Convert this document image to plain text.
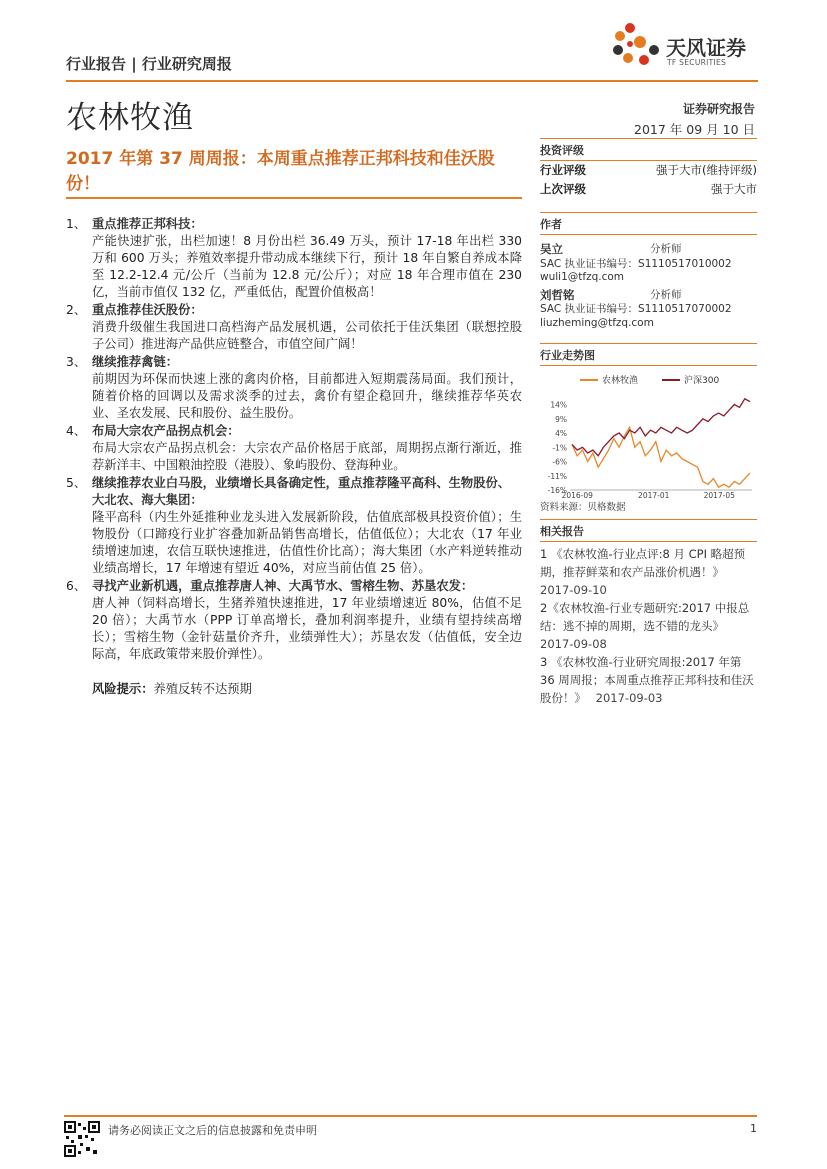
行业报告 | 行业研究周报
农林牧渔	证券研究报告
2017 年 09 月 10 日
天风证券
TF SECURITIES
2017 年第 37 周周报：本周重点推荐正邦科技和佳沃股份！
1、 重点推荐正邦科技：
产能快速扩张，出栏加速！8 月份出栏 36.49 万头，预计 17-18 年出栏 330 万和 600 万头；养殖效率提升带动成本继续下行，预计 18 年自繁自养成本降至 12.2-12.4 元/公斤（当前为 12.8 元/公斤）；对应 18 年合理市值在 230 亿，当前市值仅 132 亿，严重低估，配置价值极高！
2、 重点推荐佳沃股份：
消费升级催生我国进口高档海产品发展机遇，公司依托于佳沃集团（联想控股子公司）推进海产品供应链整合，市值空间广阔！
3、 继续推荐禽链：
前期因为环保而快速上涨的禽肉价格，目前都进入短期震荡局面。我们预计，随着价格的回调以及需求淡季的过去，禽价有望企稳回升，继续推荐华英农业、圣农发展、民和股份、益生股份。
4、 布局大宗农产品拐点机会：
布局大宗农产品拐点机会：大宗农产品价格居于底部，周期拐点渐行渐近，推荐新洋丰、中国粮油控股（港股）、象屿股份、登海种业。
5、 继续推荐农业白马股，业绩增长具备确定性，重点推荐隆平高科、生物股份、大北农、海大集团：
隆平高科（内生外延推种业龙头进入发展新阶段，估值底部极具投资价值）；生物股份（口蹄疫行业扩容叠加新品销售高增长，估值低位）；大北农（17 年业绩增速加速，农信互联快速推进，估值性价比高）；海大集团（水产料逆转推动业绩高增长，17 年增速有望近 40%，对应当前估值 25 倍）。
6、 寻找产业新机遇，重点推荐唐人神、大禹节水、雪榕生物、苏垦农发：
唐人神（饲料高增长，生猪养殖快速推进，17 年业绩增速近 80%，估值不足 20 倍）；大禹节水（PPP 订单高增长，叠加利润率提升，业绩有望持续高增长）；雪榕生物（金针菇量价齐升，业绩弹性大）；苏垦农发（估值低，安全边际高，年底政策带来股价弹性）。
风险提示：养殖反转不达预期
投资评级
行业评级	强于大市(维持评级)
上次评级	强于大市
作者
吴立	分析师
SAC 执业证书编号：S1110517010002
wuli1@tfzq.com
刘哲铭	分析师
SAC 执业证书编号：S1110517070002
liuzheming@tfzq.com
行业走势图
农林牧渔	沪深300
14%
9%
4%
-1%
-6%
-11%
-16%
2016-09	2017-01	2017-05
资料来源：贝格数据
相关报告
1 《农林牧渔-行业点评:8 月 CPI 略超预期，推荐鲜菜和农产品涨价机遇！》
2017-09-10
2《农林牧渔-行业专题研究:2017 中报总结：逃不掉的周期，选不错的龙头》
2017-09-08
3 《农林牧渔-行业研究周报:2017 年第 36 周周报；本周重点推荐正邦科技和佳沃股份！》 2017-09-03
请务必阅读正文之后的信息披露和免责申明	1
